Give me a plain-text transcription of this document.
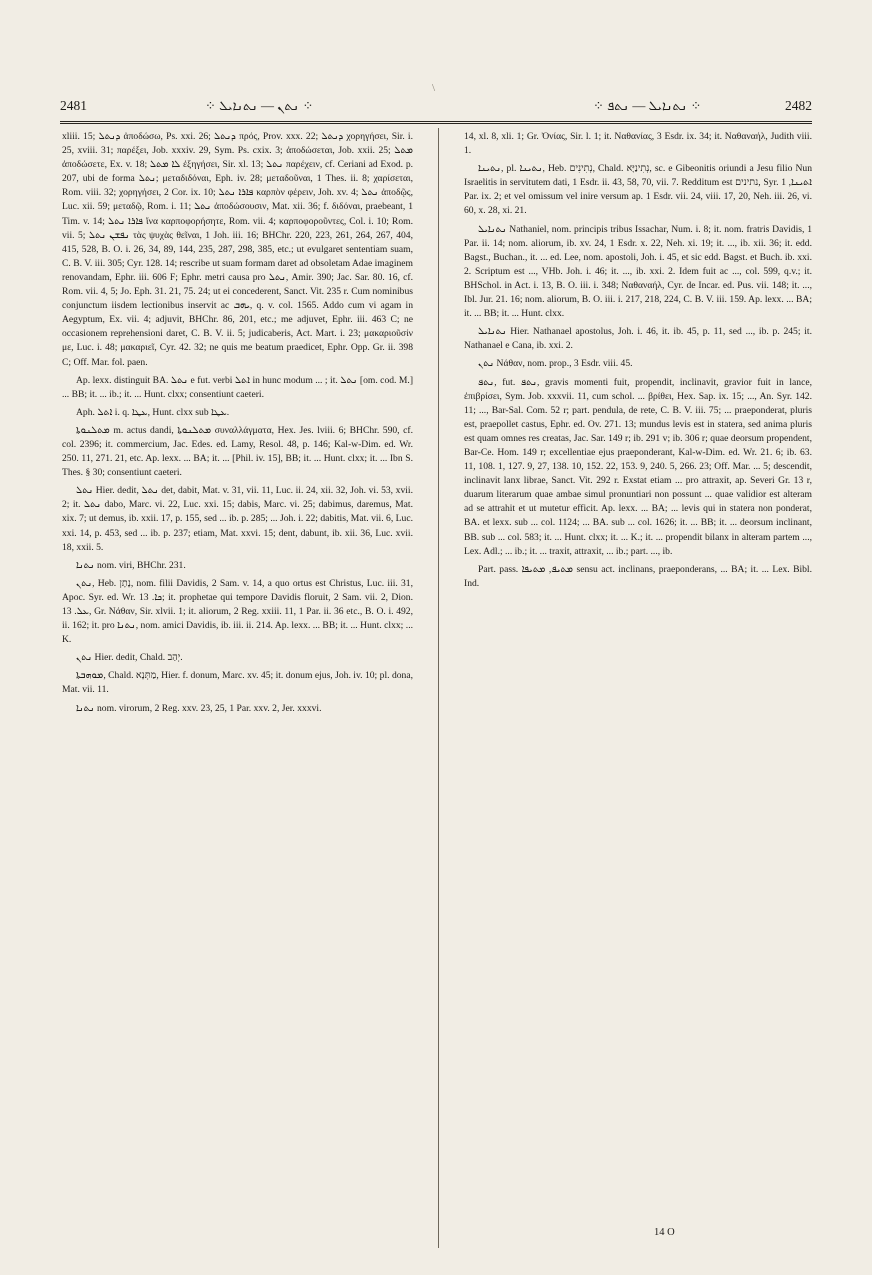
\
2481	⁘ ܢܬܢ — ܢܬܢܐܝܠ ⁘	⁘ ܢܬܢܐܝܠ — ܢܬܦ ⁘	2482

xliii. 15; ܕܢܬܠ ἀποδώσω, Ps. xxi. 26; ܕܢܬܠ πρός, Prov. xxx. 22; ܕܢܬܠ χορηγήσει, Sir. i. 25, xviii. 31; παρέξει, Job. xxxiv. 29, Sym. Ps. cxix. 3; ἀποδώσεται, Job. xxii. 25; ܡܬܠ ἀποδώσετε, Ex. v. 18; ܠܐ ܡܬܠ ἐξηγήσει, Sir. xl. 13; ܢܬܠ παρέχειν, cf. Ceriani ad Exod. p. 207, ubi de forma ܢܬܠ; μεταδιδόναι, Eph. iv. 28; μεταδοῦναι, 1 Thes. ii. 8; χαρίσεται, Rom. viii. 32; χορηγήσει, 2 Cor. ix. 10; ܦܐܪܐ ܢܬܠ καρπὸν φέρειν, Joh. xv. 4; ܢܬܠ ἀποδῷς, Luc. xii. 59; μεταδῷ, Rom. i. 11; ܢܬܠ ἀποδώσουσιν, Mat. xii. 36; f. διδόναι, praebeant, 1 Tim. v. 14; ܦܐܪܐ ܢܬܠ ἵνα καρποφορήσητε, Rom. vii. 4; καρποφοροῦντες, Col. i. 10; Rom. vii. 5; ܢܦܫܢ ܢܬܠ τὰς ψυχὰς θεῖναι, 1 Joh. iii. 16; BHChr. 220, 223, 261, 264, 267, 404, 415, 528, B. O. i. 26, 34, 89, 144, 235, 287, 298, 385, etc.; ut evulgaret sententiam suam, C. B. V. iii. 305; Cyr. 128. 14; rescribe ut suam formam daret ad obsoletam Adae imaginem renovandam, Ephr. iii. 606 F; Ephr. metri causa pro ܢܬܠ, Amir. 390; Jac. Sar. 80. 16, cf. Rom. vii. 4, 5; Jo. Eph. 31. 21, 75. 24; ut ei concederent, Sanct. Vit. 235 r. Cum nominibus conjunctum iisdem lectionibus inservit ac ܝܗܒ, q. v. col. 1565. Addo cum vi agam in Aegyptum, Ex. vii. 4; adjuvit, BHChr. 86, 201, etc.; me adjuvet, Ephr. iii. 463 C; ne occasionem reprehensioni daret, C. B. V. ii. 5; judicaberis, Act. Mart. i. 23; μακαριοῦσίν με, Luc. i. 48; μακαριεῖ, Cyr. 42. 32; ne quis me beatum praedicet, Ephr. Opp. Gr. ii. 398 C; Off. Mar. fol. paen.

Ap. lexx. distinguit BA. ܢܬܠ e fut. verbi ܐܬܠ in hunc modum ... ; it. ܢܬܠ [om. cod. M.] ... BB; it. ... ib.; it. ... Hunt. clxx; consentiunt caeteri.

Aph. ܐܬܠ i. q. ܥܛܐ, Hunt. clxx sub ܥܛܐ.

ܡܬܠܢܘܬܐ m. actus dandi, ܡܬܠܢܘܬܐ συναλλάγματα, Hex. Jes. lviii. 6; BHChr. 590, cf. col. 2396; it. commercium, Jac. Edes. ed. Lamy, Resol. 48, p. 146; Kal-w-Dim. ed. Wr. 250. 11, 271. 21, etc. Ap. lexx. ... BA; it. ... [Phil. iv. 15], BB; it. ... Hunt. clxx; it. ... Ibn S. Thes. § 30; consentiunt caeteri.

ܢܬܠ Hier. dedit, ܢܬܠ det, dabit, Mat. v. 31, vii. 11, Luc. ii. 24, xii. 32, Joh. vi. 53, xvii. 2; it. ܢܬܠ dabo, Marc. vi. 22, Luc. xxi. 15; dabis, Marc. vi. 25; dabimus, daremus, Mat. xix. 7; ut demus, ib. xxii. 17, p. 155, sed ... ib. p. 285; ... Joh. i. 22; dabitis, Mat. vii. 6, Luc. xxi. 14, p. 453, sed ... ib. p. 237; etiam, Mat. xxvi. 15; dent, dabunt, ib. xii. 36, Luc. xvii. 18, xxii. 5.

ܢܬܢܐ nom. viri, BHChr. 231.

ܢܬܢ, Heb. נָתָן, nom. filii Davidis, 2 Sam. v. 14, a quo ortus est Christus, Luc. iii. 31, Apoc. Syr. ed. Wr. ܟܐ. 13; it. prophetae qui tempore Davidis floruit, 2 Sam. vii. 2, Dion. ܥܠ. 13, Gr. Νάθαν, Sir. xlvii. 1; it. aliorum, 2 Reg. xxiii. 11, 1 Par. ii. 36 etc., B. O. i. 492, ii. 162; it. pro ܢܬܢܐ, nom. amici Davidis, ib. iii. ii. 214. Ap. lexx. ... BB; it. ... Hunt. clxx; ... K.

ܢܬܢ Hier. dedit, Chald. יְהַב.

ܡܘܗܒܬܐ, Chald. מַתְּנָא, Hier. f. donum, Marc. xv. 45; it. donum ejus, Joh. iv. 10; pl. dona, Mat. vii. 11.

ܢܬܢܐ nom. virorum, 2 Reg. xxv. 23, 25, 1 Par. xxv. 2, Jer. xxxvi.

14, xl. 8, xli. 1; Gr. Ὀνίας, Sir. l. 1; it. Ναθανίας, 3 Esdr. ix. 34; it. Ναθαναήλ, Judith viii. 1.

ܢܬܝܢܐ, pl. ܢܬܝܢܐ, Heb. נְתִינִים, Chald. נְתִינַיָּא, sc. e Gibeonitis oriundi a Jesu filio Nun Israelitis in servitutem dati, 1 Esdr. ii. 43, 58, 70, vii. 7. Redditum est נתינים, Syr. ܐܬܝܢܐ, 1 Par. ix. 2; et vel omissum vel inire versum ap. 1 Esdr. vii. 24, viii. 17, 20, Neh. iii. 26, vi. 60, x. 28, xi. 21.

ܢܬܢܐܝܠ Nathaniel, nom. principis tribus Issachar, Num. i. 8; it. nom. fratris Davidis, 1 Par. ii. 14; nom. aliorum, ib. xv. 24, 1 Esdr. x. 22, Neh. xi. 19; it. ..., ib. xii. 36; it. edd. Bagst., Buchan., it. ... ed. Lee, nom. apostoli, Joh. i. 45, et sic edd. Bagst. et Buch. ib. xxi. 2. Scriptum est ..., VHb. Joh. i. 46; it. ..., ib. xxi. 2. Idem fuit ac ..., col. 599, q.v.; it. BHSchol. in Act. i. 13, B. O. iii. i. 348; Ναθαναήλ, Cyr. de Incar. ed. Pus. vii. 148; it. ..., Ibl. Jur. 21. 16; nom. aliorum, B. O. iii. i. 217, 218, 224, C. B. V. iii. 159. Ap. lexx. ... BA; it. ... BB; it. ... Hunt. clxx.

ܢܬܢܐܝܠ Hier. Nathanael apostolus, Joh. i. 46, it. ib. 45, p. 11, sed ..., ib. p. 245; it. Nathanael e Cana, ib. xxi. 2.

ܢܬܢ Νάθαν, nom. prop., 3 Esdr. viii. 45.

ܢܬܦ, fut. ܢܬܦ, gravis momenti fuit, propendit, inclinavit, gravior fuit in lance, ἐπιβρίσει, Sym. Job. xxxvii. 11, cum schol. ... βρίθει, Hex. Sap. ix. 15; ..., An. Syr. 142. 11; ..., Bar-Sal. Com. 52 r; part. pendula, de rete, C. B. V. iii. 75; ... praeponderat, pluris est, praepollet castus, Ephr. ed. Ov. 271. 13; mundus levis est in statera, sed anima pluris est quam omnes res creatas, Jac. Sar. 149 r; ib. 291 v; ib. 306 r; quae deorsum propendent, Bar-Ce. Hom. 149 r; excellentiae ejus praeponderant, Kal-w-Dim. ed. Wr. 21. 6; ib. 63. 11, 108. 1, 127. 9, 27, 138. 10, 152. 22, 153. 9, 240. 5, 266. 23; Off. Mar. ... 5; descendit, inclinavit lanx librae, Sanct. Vit. 292 r. Exstat etiam ... pro attraxit, ap. Severi Gr. 13 r, duarum literarum quae ambae simul pronuntiari non possunt ... quae validior est alteram ad se attrahit et ut mutetur efficit. Ap. lexx. ... BA; ... levis qui in statera non ponderat, BA. et lexx. sub ... col. 1124; ... BA. sub ... col. 1626; it. ... BB; it. ... deorsum inclinant, BB. sub ... col. 583; it. ... Hunt. clxx; it. ... K.; it. ... propendit bilanx in alteram partem ..., Lex. Adl.; ... ib.; it. ... traxit, attraxit, ... ib.; part. ..., ib.

Part. pass. ܡܬܝܦ, ܡܬܝܦܐ sensu act. inclinans, praeponderans, ... BA; it. ... Lex. Bibl. Ind.

14 O
